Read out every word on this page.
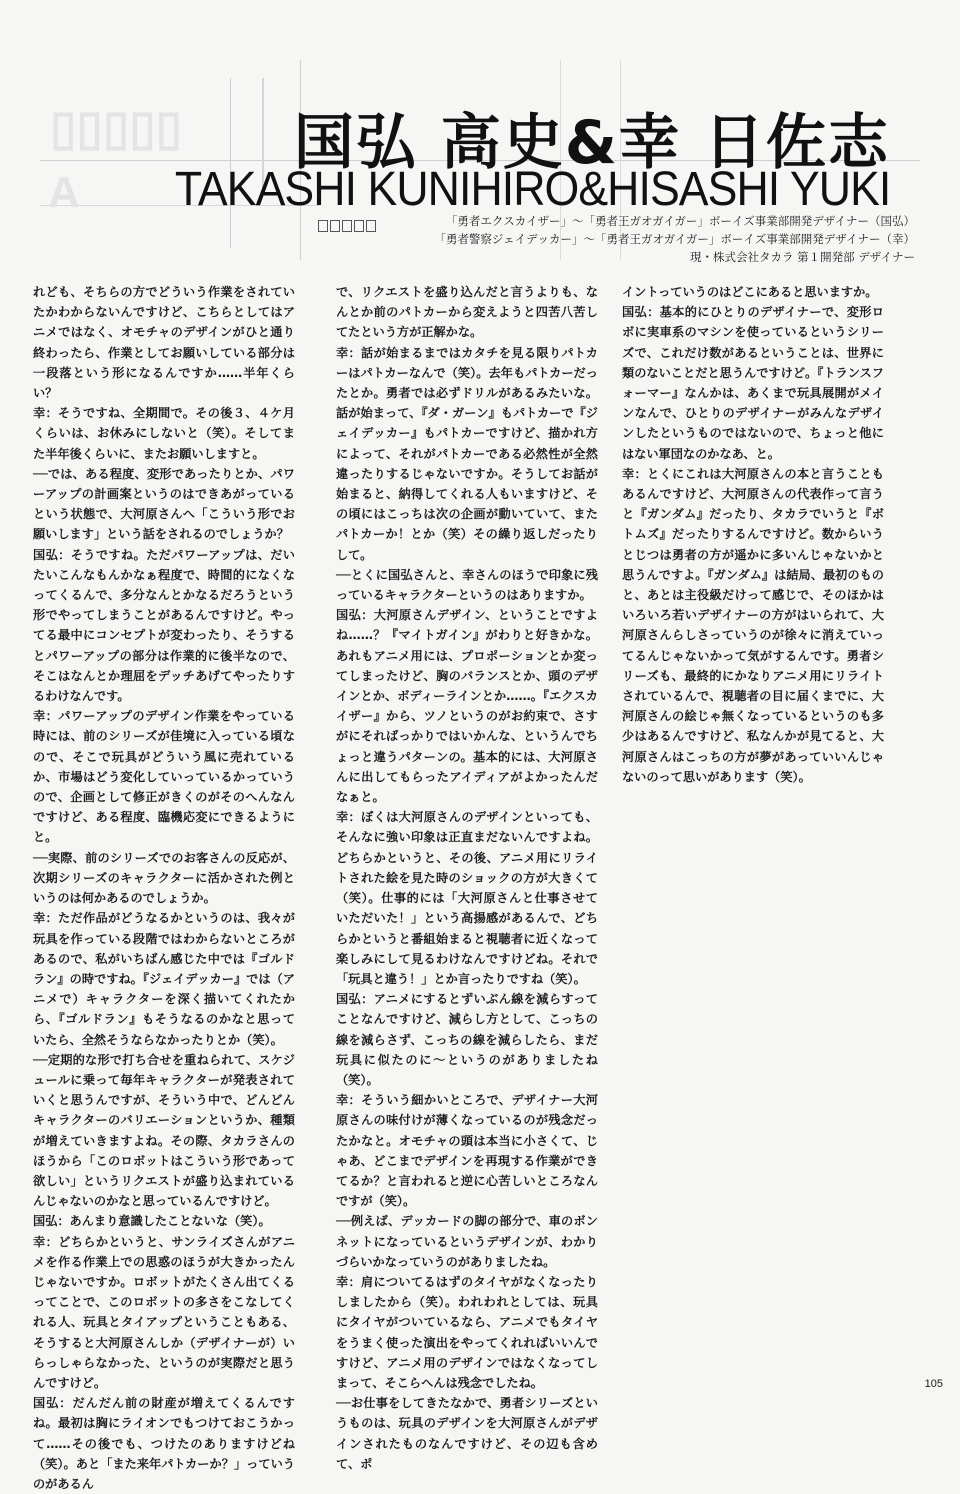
▯▯▯▯▯
A
国弘 高史&幸 日佐志
TAKASHI KUNIHIRO&HISASHI YUKI
「勇者エクスカイザー」～「勇者王ガオガイガー」ボーイズ事業部開発デザイナー（国弘）
「勇者警察ジェイデッカー」～「勇者王ガオガイガー」ボーイズ事業部開発デザイナー（幸）
現・株式会社タカラ 第１開発部 デザイナー

れども、そちらの方でどういう作業をされていたかわからないんですけど、こちらとしてはアニメではなく、オモチャのデザインがひと通り終わったら、作業としてお願いしている部分は一段落という形になるんですか……半年くらい？

幸：そうですね、全期間で。その後３、４ケ月くらいは、お休みにしないと（笑）。そしてまた半年後くらいに、またお願いしますと。

──では、ある程度、変形であったりとか、パワーアップの計画案というのはできあがっているという状態で、大河原さんへ「こういう形でお願いします」という話をされるのでしょうか？

国弘：そうですね。ただパワーアップは、だいたいこんなもんかなぁ程度で、時間的になくなってくるんで、多分なんとかなるだろうという形でやってしまうことがあるんですけど。やってる最中にコンセプトが変わったり、そうするとパワーアップの部分は作業的に後半なので、そこはなんとか理屈をデッチあげてやったりするわけなんです。

幸：パワーアップのデザイン作業をやっている時には、前のシリーズが佳境に入っている頃なので、そこで玩具がどういう風に売れているか、市場はどう変化していっているかっていうので、企画として修正がきくのがそのへんなんですけど、ある程度、臨機応変にできるようにと。

──実際、前のシリーズでのお客さんの反応が、次期シリーズのキャラクターに活かされた例というのは何かあるのでしょうか。

幸：ただ作品がどうなるかというのは、我々が玩具を作っている段階ではわからないところがあるので、私がいちばん感じた中では『ゴルドラン』の時ですね。『ジェイデッカー』では（アニメで）キャラクターを深く描いてくれたから、『ゴルドラン』もそうなるのかなと思っていたら、全然そうならなかったりとか（笑）。

──定期的な形で打ち合せを重ねられて、スケジュールに乗って毎年キャラクターが発表されていくと思うんですが、そういう中で、どんどんキャラクターのバリエーションというか、種類が増えていきますよね。その際、タカラさんのほうから「このロボットはこういう形であって欲しい」というリクエストが盛り込まれているんじゃないのかなと思っているんですけど。

国弘：あんまり意識したことないな（笑）。

幸：どちらかというと、サンライズさんがアニメを作る作業上での思惑のほうが大きかったんじゃないですか。ロボットがたくさん出てくるってことで、このロボットの多さをこなしてくれる人、玩具とタイアップということもある、そうすると大河原さんしか（デザイナーが）いらっしゃらなかった、というのが実際だと思うんですけど。

国弘：だんだん前の財産が増えてくるんですね。最初は胸にライオンでもつけておこうかって……その後でも、つけたのありますけどね（笑）。あと「また来年パトカーか？」っていうのがあるん

で、リクエストを盛り込んだと言うよりも、なんとか前のパトカーから変えようと四苦八苦してたという方が正解かな。

幸：話が始まるまではカタチを見る限りパトカーはパトカーなんで（笑）。去年もパトカーだったとか。勇者では必ずドリルがあるみたいな。話が始まって、『ダ・ガーン』もパトカーで『ジェイデッカー』もパトカーですけど、描かれ方によって、それがパトカーである必然性が全然違ったりするじゃないですか。そうしてお話が始まると、納得してくれる人もいますけど、その頃にはこっちは次の企画が動いていて、またパトカーか！とか（笑）その繰り返しだったりして。

──とくに国弘さんと、幸さんのほうで印象に残っているキャラクターというのはありますか。

国弘：大河原さんデザイン、ということですよね……？『マイトガイン』がわりと好きかな。あれもアニメ用には、プロポーションとか変ってしまったけど、胸のバランスとか、頭のデザインとか、ボディーラインとか……。『エクスカイザー』から、ツノというのがお約束で、さすがにそればっかりではいかんな、というんでちょっと違うパターンの。基本的には、大河原さんに出してもらったアイディアがよかったんだなぁと。

幸：ぼくは大河原さんのデザインといっても、そんなに強い印象は正直まだないんですよね。どちらかというと、その後、アニメ用にリライトされた絵を見た時のショックの方が大きくて（笑）。仕事的には「大河原さんと仕事させていただいた！」という高揚感があるんで、どちらかというと番組始まると視聴者に近くなって楽しみにして見るわけなんですけどね。それで「玩具と違う！」とか言ったりですね（笑）。

国弘：アニメにするとずいぶん線を減らすってことなんですけど、減らし方として、こっちの線を減らさず、こっちの線を減らしたら、まだ玩具に似たのに～というのがありましたね（笑）。

幸：そういう細かいところで、デザイナー大河原さんの味付けが薄くなっているのが残念だったかなと。オモチャの頭は本当に小さくて、じゃあ、どこまでデザインを再現する作業ができてるか？と言われると逆に心苦しいところなんですが（笑）。

──例えば、デッカードの脚の部分で、車のボンネットになっているというデザインが、わかりづらいかなっていうのがありましたね。

幸：肩についてるはずのタイヤがなくなったりしましたから（笑）。われわれとしては、玩具にタイヤがついているなら、アニメでもタイヤをうまく使った演出をやってくれればいいんですけど、アニメ用のデザインではなくなってしまって、そこらへんは残念でしたね。

──お仕事をしてきたなかで、勇者シリーズというものは、玩具のデザインを大河原さんがデザインされたものなんですけど、その辺も含めて、ポ

イントっていうのはどこにあると思いますか。

国弘：基本的にひとりのデザイナーで、変形ロボに実車系のマシンを使っているというシリーズで、これだけ数があるということは、世界に類のないことだと思うんですけど。『トランスフォーマー』なんかは、あくまで玩具展開がメインなんで、ひとりのデザイナーがみんなデザインしたというものではないので、ちょっと他にはない軍団なのかなあ、と。

幸：とくにこれは大河原さんの本と言うこともあるんですけど、大河原さんの代表作って言うと『ガンダム』だったり、タカラでいうと『ボトムズ』だったりするんですけど。数からいうとじつは勇者の方が遥かに多いんじゃないかと思うんですよ。『ガンダム』は結局、最初のものと、あとは主役級だけって感じで、そのほかはいろいろ若いデザイナーの方がはいられて、大河原さんらしさっていうのが徐々に消えていってるんじゃないかって気がするんです。勇者シリーズも、最終的にかなりアニメ用にリライトされているんで、視聴者の目に届くまでに、大河原さんの絵じゃ無くなっているというのも多少はあるんですけど、私なんかが見てると、大河原さんはこっちの方が夢があっていいんじゃないのって思いがあります（笑）。

105
